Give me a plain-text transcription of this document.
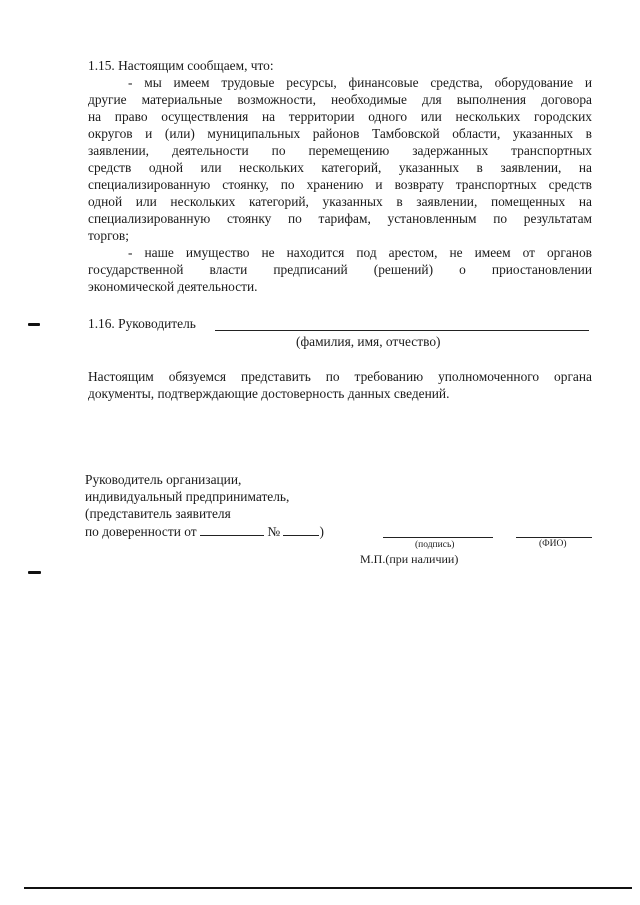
1.15. Настоящим сообщаем, что:
- мы имеем трудовые ресурсы, финансовые средства, оборудование и
другие материальные возможности, необходимые для выполнения договора
на право осуществления на территории одного или нескольких городских
округов и (или) муниципальных районов Тамбовской области, указанных в
заявлении, деятельности по перемещению задержанных транспортных
средств одной или нескольких категорий, указанных в заявлении, на
специализированную стоянку, по хранению и возврату транспортных средств
одной или нескольких категорий, указанных в заявлении, помещенных на
специализированную стоянку по тарифам, установленным по результатам
торгов;
- наше имущество не находится под арестом, не имеем от органов
государственной власти предписаний (решений) о приостановлении
экономической деятельности.
1.16. Руководитель
(фамилия, имя, отчество)
Настоящим обязуемся представить по требованию уполномоченного органа
документы, подтверждающие достоверность данных сведений.
Руководитель организации,
индивидуальный предприниматель,
(представитель заявителя
по доверенности от	№	)
(подпись)	(ФИО)
М.П.(при наличии)
